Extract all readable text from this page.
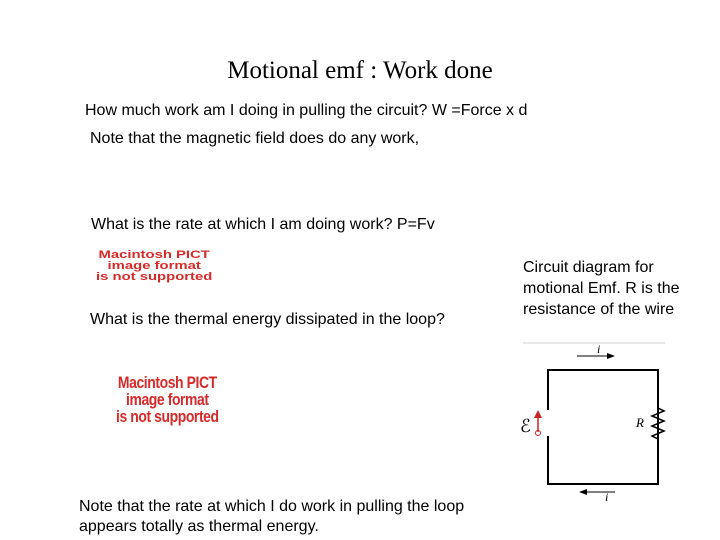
Motional emf : Work done
How much work am I doing in pulling the circuit? W =Force x d
Note that the magnetic field does do any work,
What is the rate at which I am doing work? P=Fv
Macintosh PICT
image format
is not supported
What is the thermal energy dissipated in the loop?
Macintosh PICT
image format
is not supported
Note that the rate at which I do work in pulling the loop appears totally as thermal energy.
Circuit diagram for motional Emf. R is the resistance of the wire
i
i
R
ℰ
